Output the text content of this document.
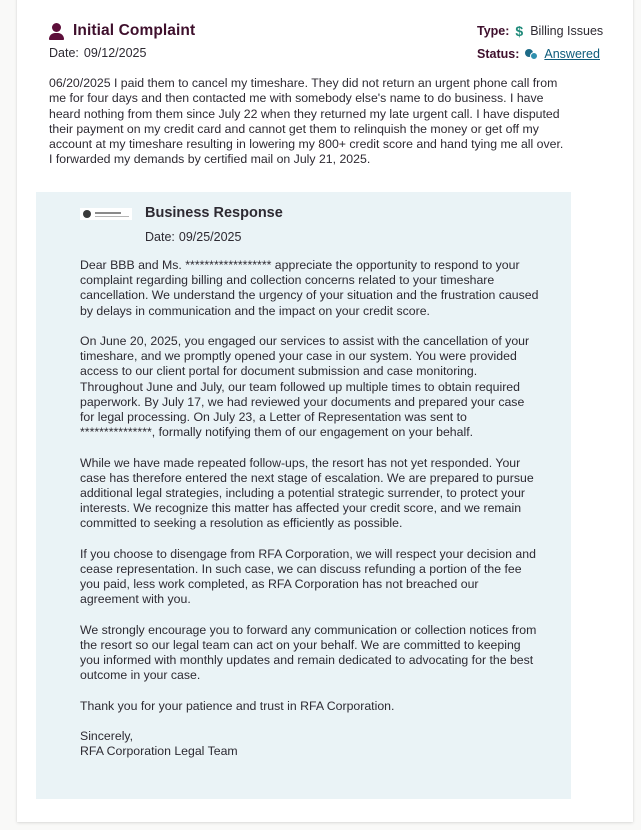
Initial Complaint
Date: 09/12/2025
Type: $ Billing Issues
Status: Answered

06/20/2025 I paid them to cancel my timeshare. They did not return an urgent phone call from me for four days and then contacted me with somebody else's name to do business. I have heard nothing from them since July 22 when they returned my late urgent call. I have disputed their payment on my credit card and cannot get them to relinquish the money or get off my account at my timeshare resulting in lowering my 800+ credit score and hand tying me all over. I forwarded my demands by certified mail on July 21, 2025.

Business Response
Date: 09/25/2025

Dear BBB and Ms. ****************** appreciate the opportunity to respond to your complaint regarding billing and collection concerns related to your timeshare cancellation. We understand the urgency of your situation and the frustration caused by delays in communication and the impact on your credit score.

On June 20, 2025, you engaged our services to assist with the cancellation of your timeshare, and we promptly opened your case in our system. You were provided access to our client portal for document submission and case monitoring. Throughout June and July, our team followed up multiple times to obtain required paperwork. By July 17, we had reviewed your documents and prepared your case for legal processing. On July 23, a Letter of Representation was sent to ***************, formally notifying them of our engagement on your behalf.

While we have made repeated follow-ups, the resort has not yet responded. Your case has therefore entered the next stage of escalation. We are prepared to pursue additional legal strategies, including a potential strategic surrender, to protect your interests. We recognize this matter has affected your credit score, and we remain committed to seeking a resolution as efficiently as possible.

If you choose to disengage from RFA Corporation, we will respect your decision and cease representation. In such case, we can discuss refunding a portion of the fee you paid, less work completed, as RFA Corporation has not breached our agreement with you.

We strongly encourage you to forward any communication or collection notices from the resort so our legal team can act on your behalf. We are committed to keeping you informed with monthly updates and remain dedicated to advocating for the best outcome in your case.

Thank you for your patience and trust in RFA Corporation.

Sincerely,

RFA Corporation Legal Team
